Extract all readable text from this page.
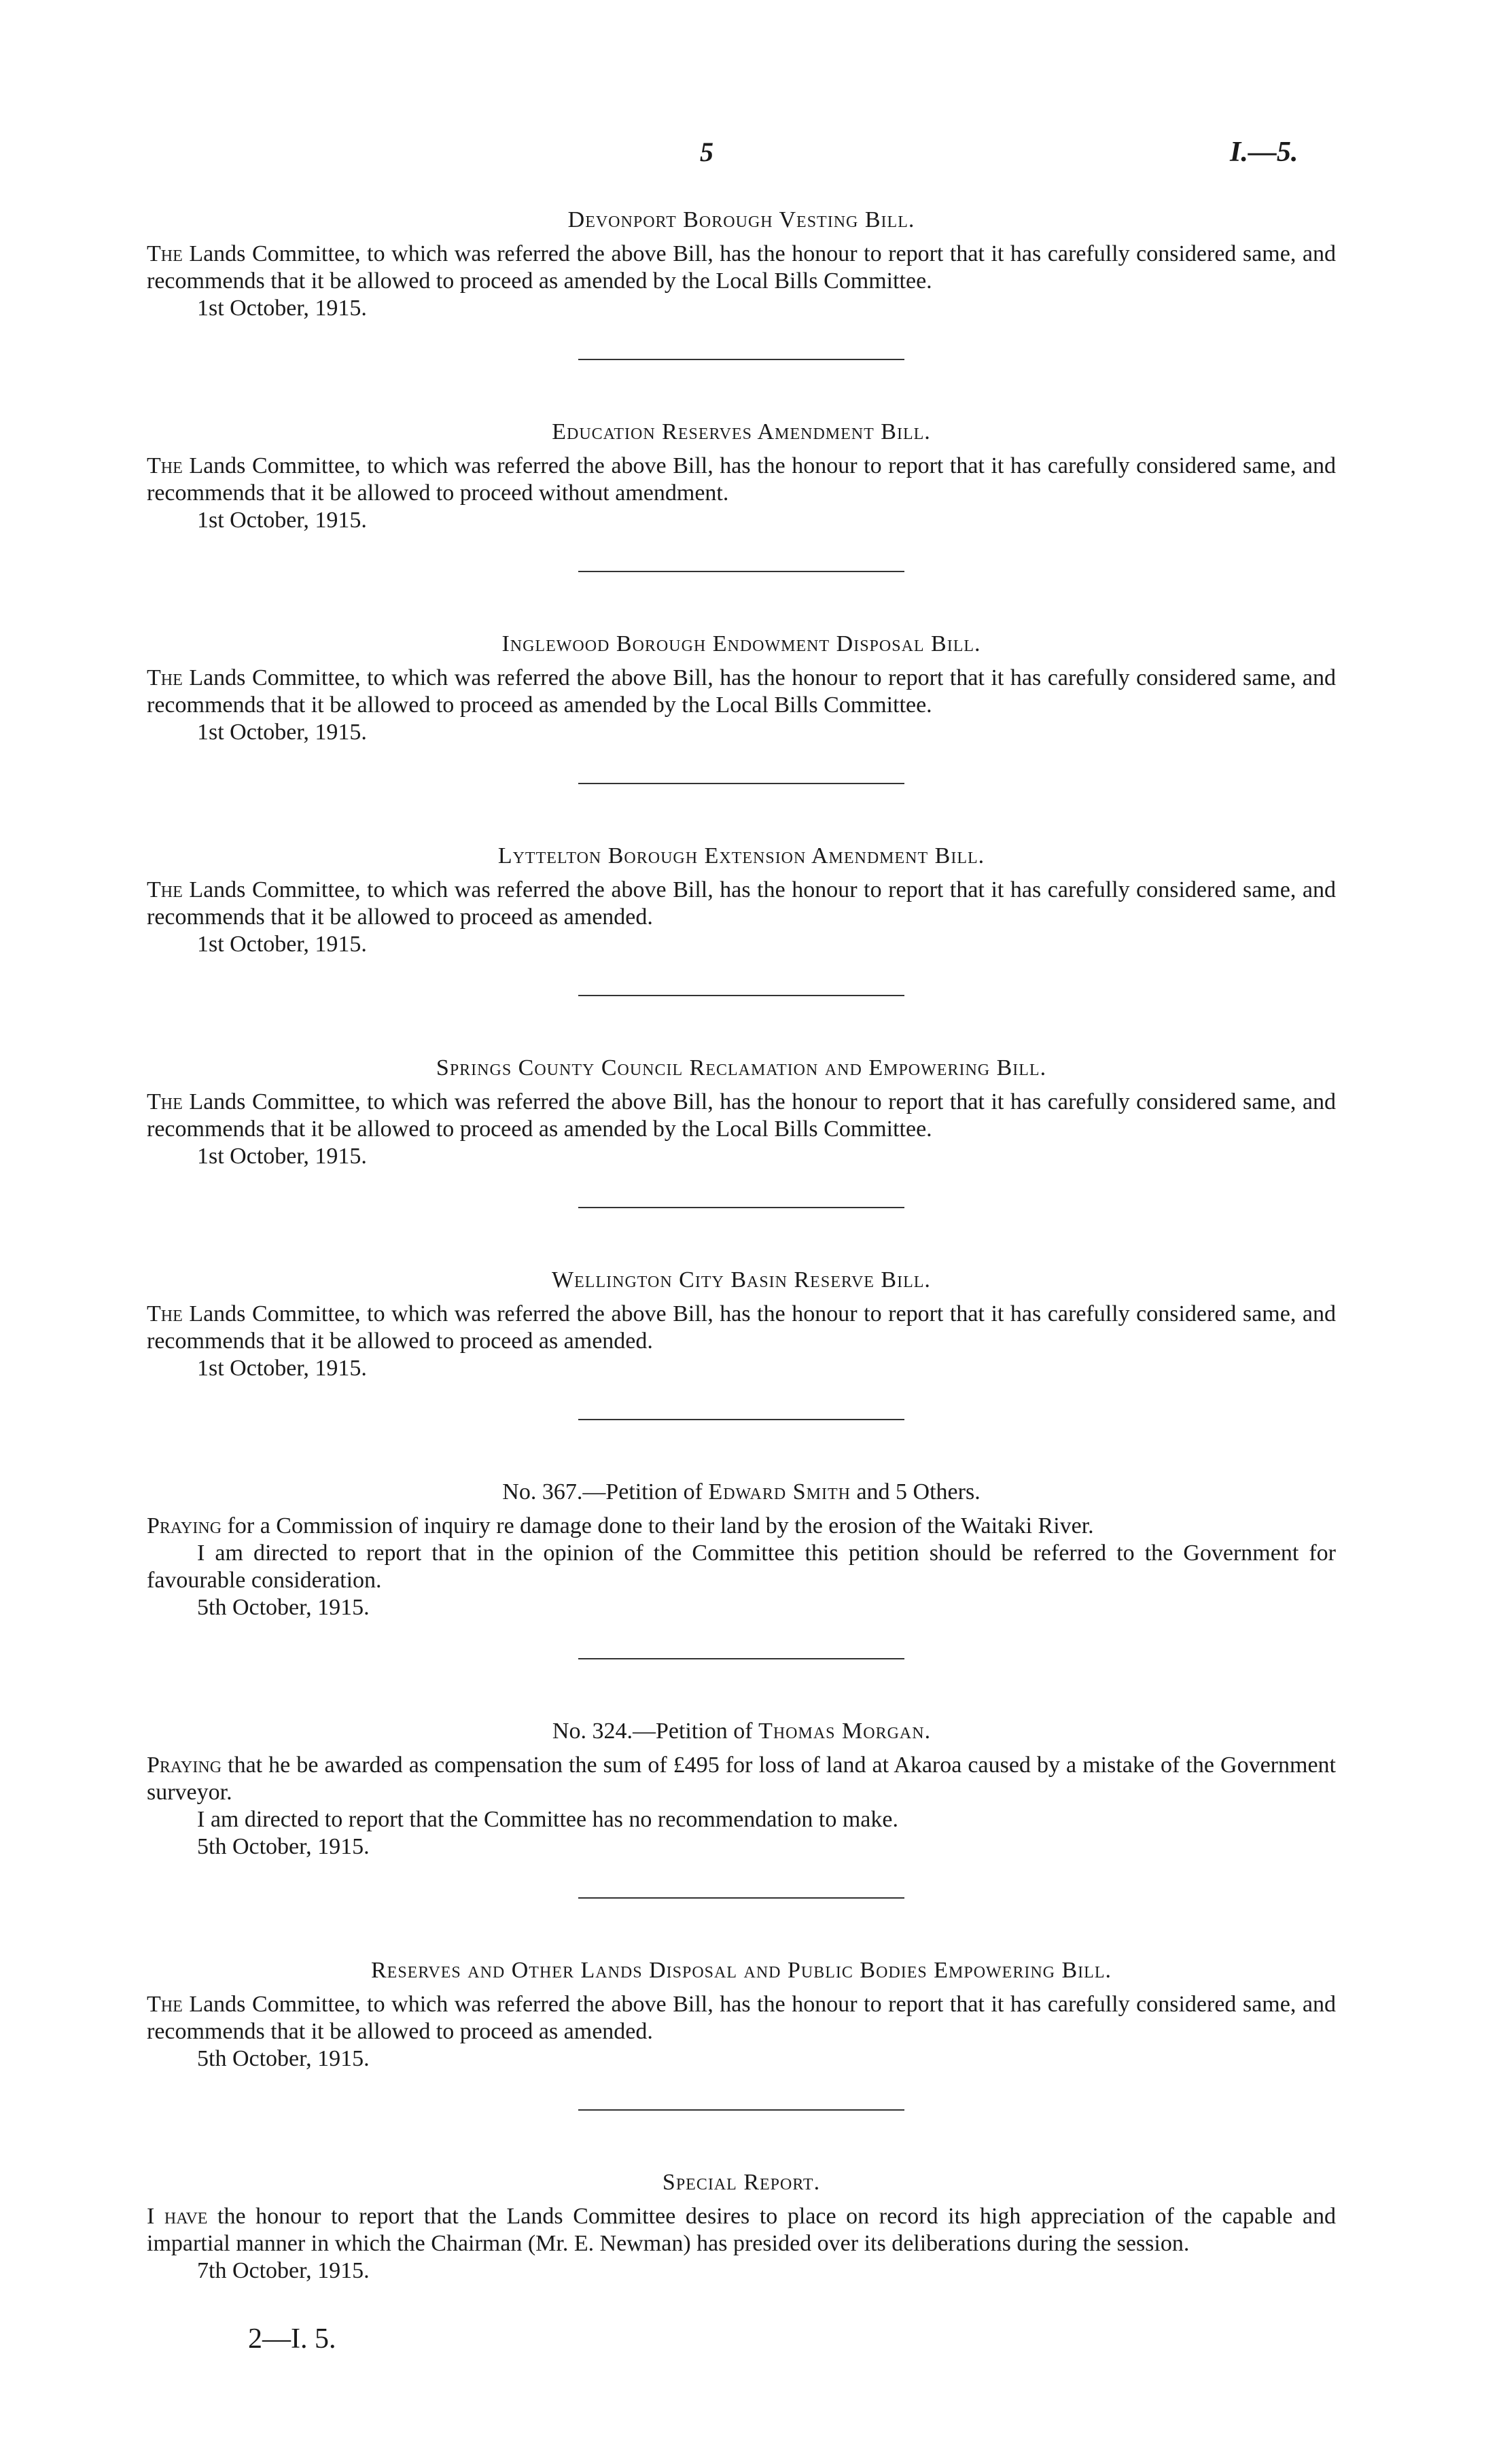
5	I.—5.

Devonport Borough Vesting Bill.

The Lands Committee, to which was referred the above Bill, has the honour to report that it has carefully considered same, and recommends that it be allowed to proceed as amended by the Local Bills Committee.

1st October, 1915.

Education Reserves Amendment Bill.

The Lands Committee, to which was referred the above Bill, has the honour to report that it has carefully considered same, and recommends that it be allowed to proceed without amendment.

1st October, 1915.

Inglewood Borough Endowment Disposal Bill.

The Lands Committee, to which was referred the above Bill, has the honour to report that it has carefully considered same, and recommends that it be allowed to proceed as amended by the Local Bills Committee.

1st October, 1915.

Lyttelton Borough Extension Amendment Bill.

The Lands Committee, to which was referred the above Bill, has the honour to report that it has carefully considered same, and recommends that it be allowed to proceed as amended.

1st October, 1915.

Springs County Council Reclamation and Empowering Bill.

The Lands Committee, to which was referred the above Bill, has the honour to report that it has carefully considered same, and recommends that it be allowed to proceed as amended by the Local Bills Committee.

1st October, 1915.

Wellington City Basin Reserve Bill.

The Lands Committee, to which was referred the above Bill, has the honour to report that it has carefully considered same, and recommends that it be allowed to proceed as amended.

1st October, 1915.

No. 367.—Petition of Edward Smith and 5 Others.

Praying for a Commission of inquiry re damage done to their land by the erosion of the Waitaki River.

I am directed to report that in the opinion of the Committee this petition should be referred to the Government for favourable consideration.

5th October, 1915.

No. 324.—Petition of Thomas Morgan.

Praying that he be awarded as compensation the sum of £495 for loss of land at Akaroa caused by a mistake of the Government surveyor.

I am directed to report that the Committee has no recommendation to make.

5th October, 1915.

Reserves and Other Lands Disposal and Public Bodies Empowering Bill.

The Lands Committee, to which was referred the above Bill, has the honour to report that it has carefully considered same, and recommends that it be allowed to proceed as amended.

5th October, 1915.

Special Report.

I have the honour to report that the Lands Committee desires to place on record its high appreciation of the capable and impartial manner in which the Chairman (Mr. E. Newman) has presided over its deliberations during the session.

7th October, 1915.

2—I. 5.
